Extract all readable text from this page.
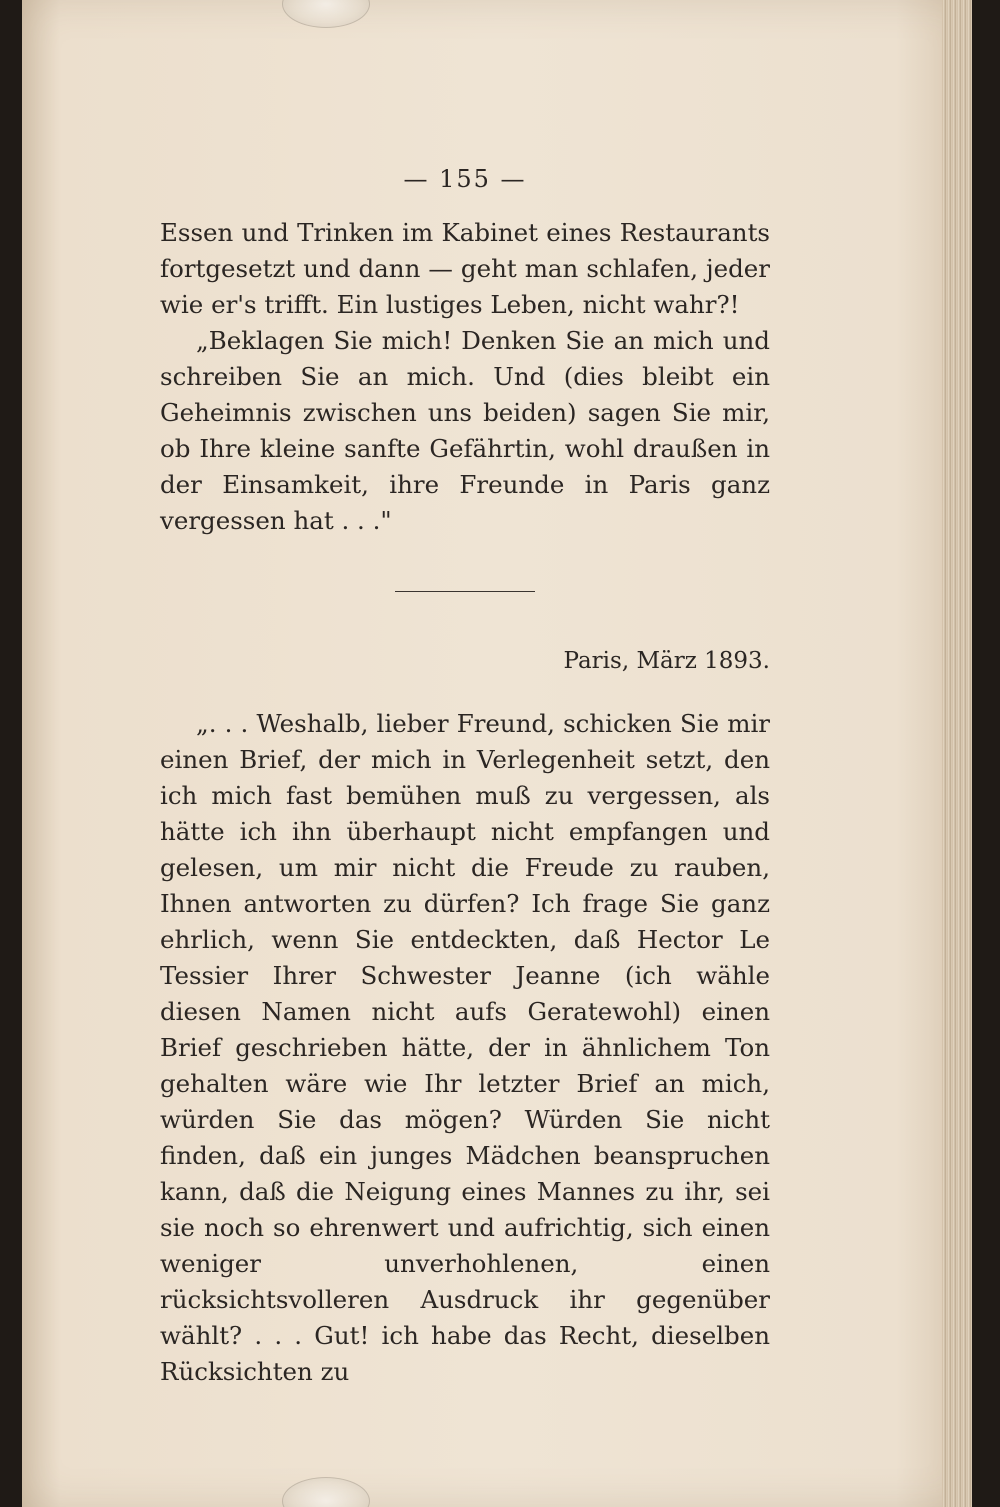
— 155 —

Essen und Trinken im Kabinet eines Restaurants fortgesetzt und dann — geht man schlafen, jeder wie er's trifft. Ein lustiges Leben, nicht wahr?!

„Beklagen Sie mich! Denken Sie an mich und schreiben Sie an mich. Und (dies bleibt ein Geheimnis zwischen uns beiden) sagen Sie mir, ob Ihre kleine sanfte Gefährtin, wohl draußen in der Einsamkeit, ihre Freunde in Paris ganz vergessen hat . . ."

Paris, März 1893.

„. . . Weshalb, lieber Freund, schicken Sie mir einen Brief, der mich in Verlegenheit setzt, den ich mich fast bemühen muß zu vergessen, als hätte ich ihn überhaupt nicht empfangen und gelesen, um mir nicht die Freude zu rauben, Ihnen antworten zu dürfen? Ich frage Sie ganz ehrlich, wenn Sie entdeckten, daß Hector Le Tessier Ihrer Schwester Jeanne (ich wähle diesen Namen nicht aufs Geratewohl) einen Brief geschrieben hätte, der in ähnlichem Ton gehalten wäre wie Ihr letzter Brief an mich, würden Sie das mögen? Würden Sie nicht finden, daß ein junges Mädchen beanspruchen kann, daß die Neigung eines Mannes zu ihr, sei sie noch so ehrenwert und aufrichtig, sich einen weniger unverhohlenen, einen rücksichtsvolleren Ausdruck ihr gegenüber wählt? . . . Gut! ich habe das Recht, dieselben Rücksichten zu
